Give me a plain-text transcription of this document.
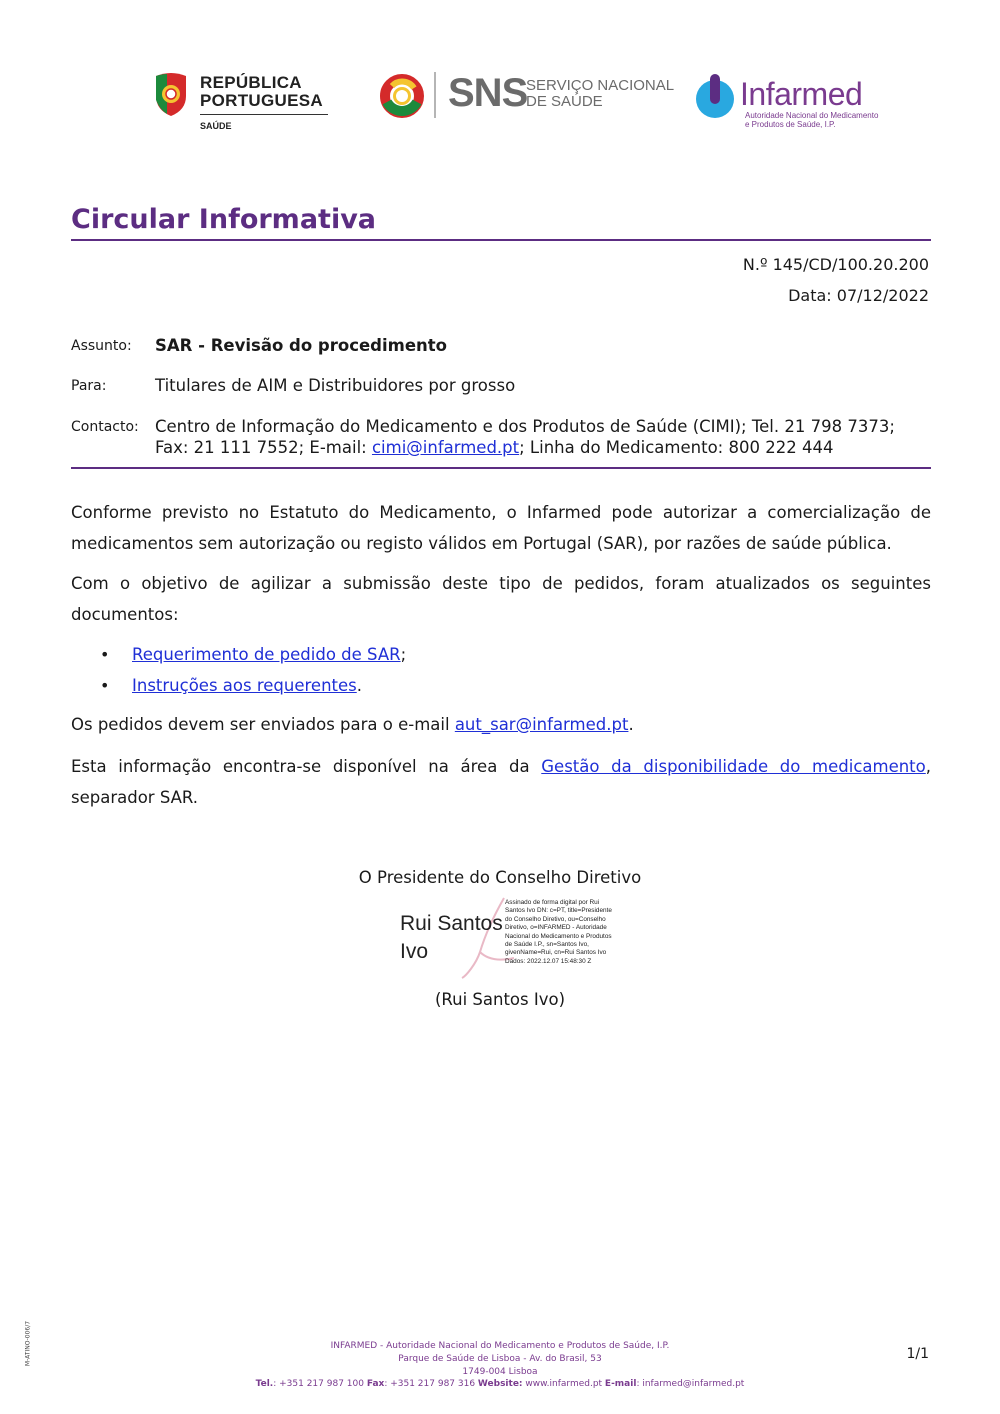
REPÚBLICA
PORTUGUESA
SAÚDE
SNS
SERVIÇO NACIONAL
DE SAÚDE	Infarmed
Autoridade Nacional do Medicamento
e Produtos de Saúde, I.P.
Circular Informativa
N.º 145/CD/100.20.200
Data: 07/12/2022
Assunto: SAR - Revisão do procedimento
Para:	Titulares de AIM e Distribuidores por grosso
Contacto: Centro de Informação do Medicamento e dos Produtos de Saúde (CIMI); Tel. 21 798 7373;
Fax: 21 111 7552; E-mail: cimi@infarmed.pt; Linha do Medicamento: 800 222 444
Conforme previsto no Estatuto do Medicamento, o Infarmed pode autorizar a comercialização de medicamentos sem autorização ou registo válidos em Portugal (SAR), por razões de saúde pública.
Com o objetivo de agilizar a submissão deste tipo de pedidos, foram atualizados os seguintes documentos:
• Requerimento de pedido de SAR;
• Instruções aos requerentes.
Os pedidos devem ser enviados para o e-mail aut_sar@infarmed.pt.
Esta informação encontra-se disponível na área da Gestão da disponibilidade do medicamento, separador SAR.
O Presidente do Conselho Diretivo
Rui Santos
Ivo
Assinado de forma digital por Rui Santos Ivo DN: c=PT, title=Presidente do Conselho Diretivo, ou=Conselho Diretivo, o=INFARMED - Autoridade Nacional do Medicamento e Produtos de Saúde I.P., sn=Santos Ivo, givenName=Rui, cn=Rui Santos Ivo Dados: 2022.12.07 15:48:30 Z
(Rui Santos Ivo)
M-ATINO-006/7	INFARMED - Autoridade Nacional do Medicamento e Produtos de Saúde, I.P.
Parque de Saúde de Lisboa - Av. do Brasil, 53
1749-004 Lisboa
Tel.: +351 217 987 100 Fax: +351 217 987 316 Website: www.infarmed.pt E-mail: infarmed@infarmed.pt
1/1
